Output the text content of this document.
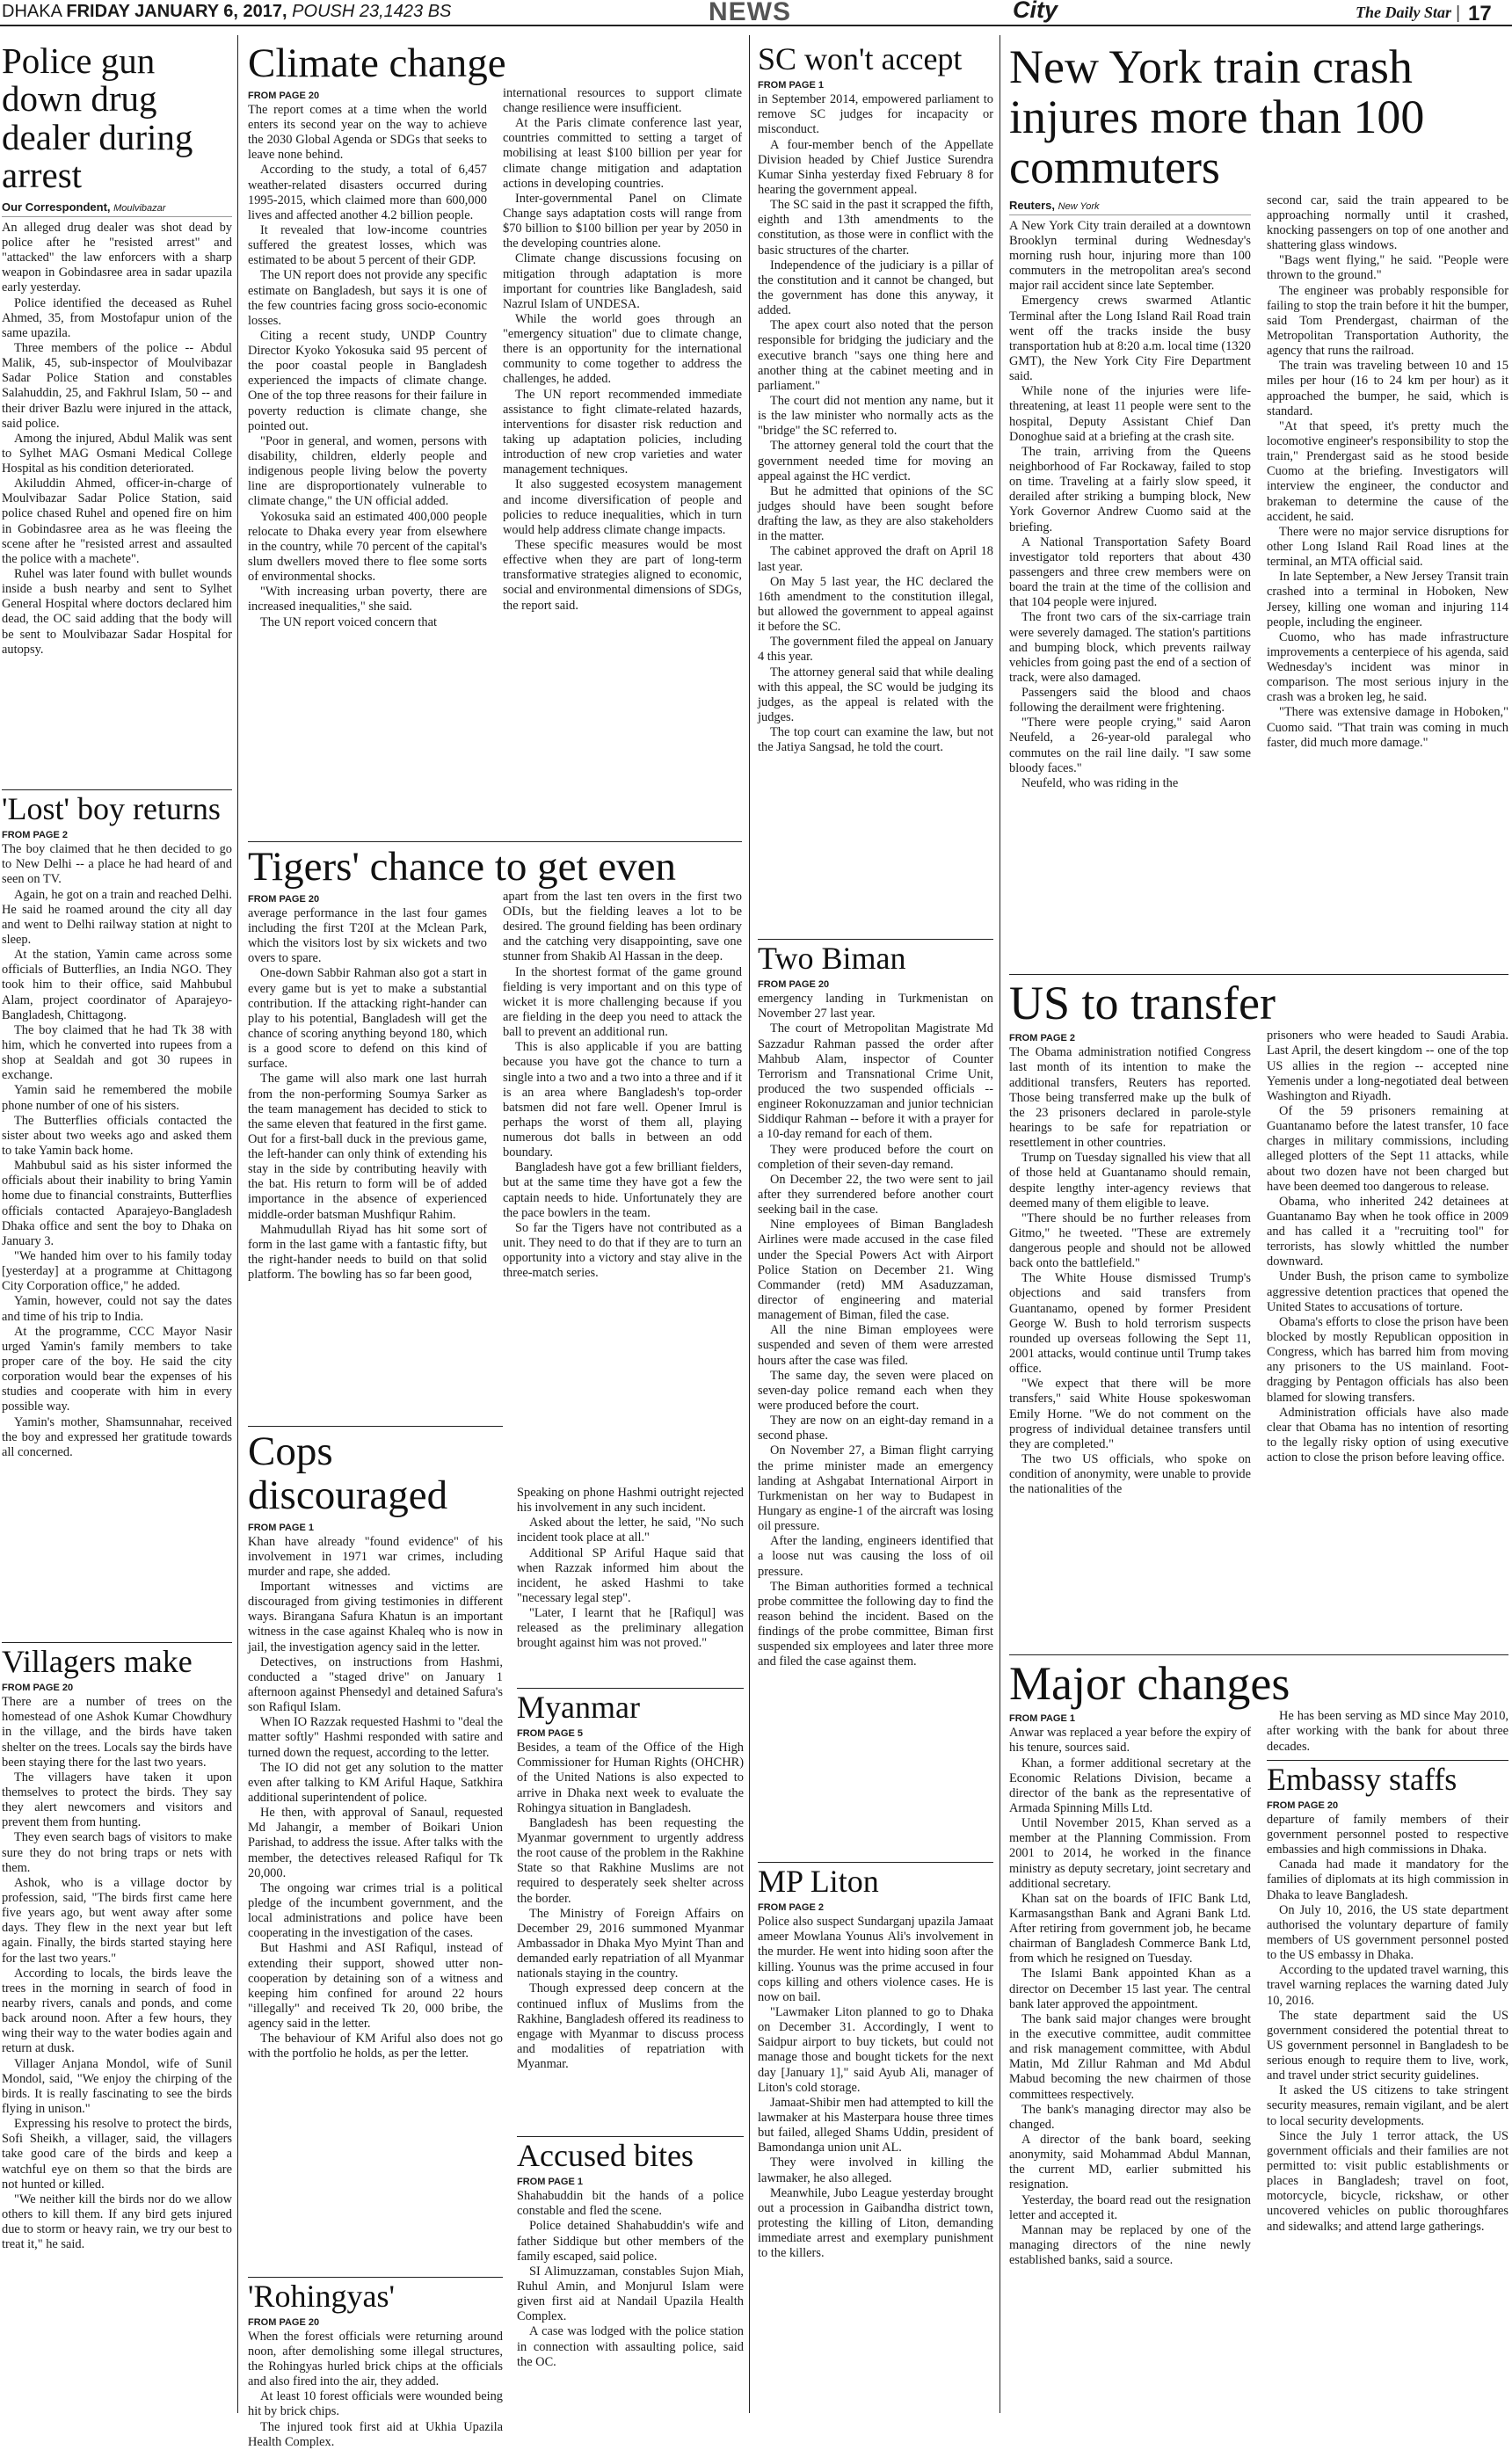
DHAKA FRIDAY JANUARY 6, 2017, POUSH 23,1423 BS	NEWS	City	The Daily Star | 17
Police gun down drug dealer during arrest
Our Correspondent, Moulvibazar

An alleged drug dealer was shot dead by police after he "resisted arrest" and "attacked" the law enforcers with a sharp weapon in Gobindasree area in sadar upazila early yesterday.

Police identified the deceased as Ruhel Ahmed, 35, from Mostofapur union of the same upazila.

Three members of the police -- Abdul Malik, 45, sub-inspector of Moulvibazar Sadar Police Station and constables Salahuddin, 25, and Fakhrul Islam, 50 -- and their driver Bazlu were injured in the attack, said police.

Among the injured, Abdul Malik was sent to Sylhet MAG Osmani Medical College Hospital as his condition deteriorated.

Akiluddin Ahmed, officer-in-charge of Moulvibazar Sadar Police Station, said police chased Ruhel and opened fire on him in Gobindasree area as he was fleeing the scene after he "resisted arrest and assaulted the police with a machete".

Ruhel was later found with bullet wounds inside a bush nearby and sent to Sylhet General Hospital where doctors declared him dead, the OC said adding that the body will be sent to Moulvibazar Sadar Hospital for autopsy.

'Lost' boy returns
FROM PAGE 2

The boy claimed that he then decided to go to New Delhi -- a place he had heard of and seen on TV.

Again, he got on a train and reached Delhi. He said he roamed around the city all day and went to Delhi railway station at night to sleep.

At the station, Yamin came across some officials of Butterflies, an India NGO. They took him to their office, said Mahbubul Alam, project coordinator of Aparajeyo-Bangladesh, Chittagong.

The boy claimed that he had Tk 38 with him, which he converted into rupees from a shop at Sealdah and got 30 rupees in exchange.

Yamin said he remembered the mobile phone number of one of his sisters.

The Butterflies officials contacted the sister about two weeks ago and asked them to take Yamin back home.

Mahbubul said as his sister informed the officials about their inability to bring Yamin home due to financial constraints, Butterflies officials contacted Aparajeyo-Bangladesh Dhaka office and sent the boy to Dhaka on January 3.

"We handed him over to his family today [yesterday] at a programme at Chittagong City Corporation office," he added.

Yamin, however, could not say the dates and time of his trip to India.

At the programme, CCC Mayor Nasir urged Yamin's family members to take proper care of the boy. He said the city corporation would bear the expenses of his studies and cooperate with him in every possible way.

Yamin's mother, Shamsunnahar, received the boy and expressed her gratitude towards all concerned.

Villagers make
FROM PAGE 20

There are a number of trees on the homestead of one Ashok Kumar Chowdhury in the village, and the birds have taken shelter on the trees. Locals say the birds have been staying there for the last two years.

The villagers have taken it upon themselves to protect the birds. They say they alert newcomers and visitors and prevent them from hunting.

They even search bags of visitors to make sure they do not bring traps or nets with them.

Ashok, who is a village doctor by profession, said, "The birds first came here five years ago, but went away after some days. They flew in the next year but left again. Finally, the birds started staying here for the last two years."

According to locals, the birds leave the trees in the morning in search of food in nearby rivers, canals and ponds, and come back around noon. After a few hours, they wing their way to the water bodies again and return at dusk.

Villager Anjana Mondol, wife of Sunil Mondol, said, "We enjoy the chirping of the birds. It is really fascinating to see the birds flying in unison."

Expressing his resolve to protect the birds, Sofi Sheikh, a villager, said, the villagers take good care of the birds and keep a watchful eye on them so that the birds are not hunted or killed.

"We neither kill the birds nor do we allow others to kill them. If any bird gets injured due to storm or heavy rain, we try our best to treat it," he said.

Climate change
FROM PAGE 20

The report comes at a time when the world enters its second year on the way to achieve the 2030 Global Agenda or SDGs that seeks to leave none behind.

According to the study, a total of 6,457 weather-related disasters occurred during 1995-2015, which claimed more than 600,000 lives and affected another 4.2 billion people.

It revealed that low-income countries suffered the greatest losses, which was estimated to be about 5 percent of their GDP.

The UN report does not provide any specific estimate on Bangladesh, but says it is one of the few countries facing gross socio-economic losses.

Citing a recent study, UNDP Country Director Kyoko Yokosuka said 95 percent of the poor coastal people in Bangladesh experienced the impacts of climate change. One of the top three reasons for their failure in poverty reduction is climate change, she pointed out.

"Poor in general, and women, persons with disability, children, elderly people and indigenous people living below the poverty line are disproportionately vulnerable to climate change," the UN official added.

Yokosuka said an estimated 400,000 people relocate to Dhaka every year from elsewhere in the country, while 70 percent of the capital's slum dwellers moved there to flee some sorts of environmental shocks.

"With increasing urban poverty, there are increased inequalities," she said.

The UN report voiced concern that

international resources to support climate change resilience were insufficient.

At the Paris climate conference last year, countries committed to setting a target of mobilising at least $100 billion per year for climate change mitigation and adaptation actions in developing countries.

Inter-governmental Panel on Climate Change says adaptation costs will range from $70 billion to $100 billion per year by 2050 in the developing countries alone.

Climate change discussions focusing on mitigation through adaptation is more important for countries like Bangladesh, said Nazrul Islam of UNDESA.

While the world goes through an "emergency situation" due to climate change, there is an opportunity for the international community to come together to address the challenges, he added.

The UN report recommended immediate assistance to fight climate-related hazards, interventions for disaster risk reduction and taking up adaptation policies, including introduction of new crop varieties and water management techniques.

It also suggested ecosystem management and income diversification of people and policies to reduce inequalities, which in turn would help address climate change impacts.

These specific measures would be most effective when they are part of long-term transformative strategies aligned to economic, social and environmental dimensions of SDGs, the report said.

Tigers' chance to get even
FROM PAGE 20

average performance in the last four games including the first T20I at the Mclean Park, which the visitors lost by six wickets and two overs to spare.

One-down Sabbir Rahman also got a start in every game but is yet to make a substantial contribution. If the attacking right-hander can play to his potential, Bangladesh will get the chance of scoring anything beyond 180, which is a good score to defend on this kind of surface.

The game will also mark one last hurrah from the non-performing Soumya Sarker as the team management has decided to stick to the same eleven that featured in the first game. Out for a first-ball duck in the previous game, the left-hander can only think of extending his stay in the side by contributing heavily with the bat. His return to form will be of added importance in the absence of experienced middle-order batsman Mushfiqur Rahim.

Mahmudullah Riyad has hit some sort of form in the last game with a fantastic fifty, but the right-hander needs to build on that solid platform. The bowling has so far been good,

apart from the last ten overs in the first two ODIs, but the fielding leaves a lot to be desired. The ground fielding has been ordinary and the catching very disappointing, save one stunner from Shakib Al Hassan in the deep.

In the shortest format of the game ground fielding is very important and on this type of wicket it is more challenging because if you are fielding in the deep you need to attack the ball to prevent an additional run.

This is also applicable if you are batting because you have got the chance to turn a single into a two and a two into a three and if it is an area where Bangladesh's top-order batsmen did not fare well. Opener Imrul is perhaps the worst of them all, playing numerous dot balls in between an odd boundary.

Bangladesh have got a few brilliant fielders, but at the same time they have got a few the captain needs to hide. Unfortunately they are the pace bowlers in the team.

So far the Tigers have not contributed as a unit. They need to do that if they are to turn an opportunity into a victory and stay alive in the three-match series.

Cops discouraged
FROM PAGE 1

Khan have already "found evidence" of his involvement in 1971 war crimes, including murder and rape, she added.

Important witnesses and victims are discouraged from giving testimonies in different ways. Birangana Safura Khatun is an important witness in the case against Khaleq who is now in jail, the investigation agency said in the letter.

Detectives, on instructions from Hashmi, conducted a "staged drive" on January 1 afternoon against Phensedyl and detained Safura's son Rafiqul Islam.

When IO Razzak requested Hashmi to "deal the matter softly" Hashmi responded with satire and turned down the request, according to the letter.

The IO did not get any solution to the matter even after talking to KM Ariful Haque, Satkhira additional superintendent of police.

He then, with approval of Sanaul, requested Md Jahangir, a member of Boikari Union Parishad, to address the issue. After talks with the member, the detectives released Rafiqul for Tk 20,000.

The ongoing war crimes trial is a political pledge of the incumbent government, and the local administrations and police have been cooperating in the investigation of the cases.

But Hashmi and ASI Rafiqul, instead of extending their support, showed utter non-cooperation by detaining son of a witness and keeping him confined for around 22 hours "illegally" and received Tk 20, 000 bribe, the agency said in the letter.

The behaviour of KM Ariful also does not go with the portfolio he holds, as per the letter.

'Rohingyas'
FROM PAGE 20

When the forest officials were returning around noon, after demolishing some illegal structures, the Rohingyas hurled brick chips at the officials and also fired into the air, they added.

At least 10 forest officials were wounded being hit by brick chips.

The injured took first aid at Ukhia Upazila Health Complex.

Speaking on phone Hashmi outright rejected his involvement in any such incident.

Asked about the letter, he said, "No such incident took place at all."

Additional SP Ariful Haque said that when Razzak informed him about the incident, he asked Hashmi to take "necessary legal step".

"Later, I learnt that he [Rafiqul] was released as the preliminary allegation brought against him was not proved."

Myanmar
FROM PAGE 5

Besides, a team of the Office of the High Commissioner for Human Rights (OHCHR) of the United Nations is also expected to arrive in Dhaka next week to evaluate the Rohingya situation in Bangladesh.

Bangladesh has been requesting the Myanmar government to urgently address the root cause of the problem in the Rakhine State so that Rakhine Muslims are not required to desperately seek shelter across the border.

The Ministry of Foreign Affairs on December 29, 2016 summoned Myanmar Ambassador in Dhaka Myo Myint Than and demanded early repatriation of all Myanmar nationals staying in the country.

Though expressed deep concern at the continued influx of Muslims from the Rakhine, Bangladesh offered its readiness to engage with Myanmar to discuss process and modalities of repatriation with Myanmar.

Accused bites
FROM PAGE 1

Shahabuddin bit the hands of a police constable and fled the scene.

Police detained Shahabuddin's wife and father Siddique but other members of the family escaped, said police.

SI Alimuzzaman, constables Sujon Miah, Ruhul Amin, and Monjurul Islam were given first aid at Nandail Upazila Health Complex.

A case was lodged with the police station in connection with assaulting police, said the OC.

SC won't accept
FROM PAGE 1

in September 2014, empowered parliament to remove SC judges for incapacity or misconduct.

A four-member bench of the Appellate Division headed by Chief Justice Surendra Kumar Sinha yesterday fixed February 8 for hearing the government appeal.

The SC said in the past it scrapped the fifth, eighth and 13th amendments to the constitution, as those were in conflict with the basic structures of the charter.

Independence of the judiciary is a pillar of the constitution and it cannot be changed, but the government has done this anyway, it added.

The apex court also noted that the person responsible for bridging the judiciary and the executive branch "says one thing here and another thing at the cabinet meeting and in parliament."

The court did not mention any name, but it is the law minister who normally acts as the "bridge" the SC referred to.

The attorney general told the court that the government needed time for moving an appeal against the HC verdict.

But he admitted that opinions of the SC judges should have been sought before drafting the law, as they are also stakeholders in the matter.

The cabinet approved the draft on April 18 last year.

On May 5 last year, the HC declared the 16th amendment to the constitution illegal, but allowed the government to appeal against it before the SC.

The government filed the appeal on January 4 this year.

The attorney general said that while dealing with this appeal, the SC would be judging its judges, as the appeal is related with the judges.

The top court can examine the law, but not the Jatiya Sangsad, he told the court.

Two Biman
FROM PAGE 20

emergency landing in Turkmenistan on November 27 last year.

The court of Metropolitan Magistrate Md Sazzadur Rahman passed the order after Mahbub Alam, inspector of Counter Terrorism and Transnational Crime Unit, produced the two suspended officials -- engineer Rokonuzzaman and junior technician Siddiqur Rahman -- before it with a prayer for a 10-day remand for each of them.

They were produced before the court on completion of their seven-day remand.

On December 22, the two were sent to jail after they surrendered before another court seeking bail in the case.

Nine employees of Biman Bangladesh Airlines were made accused in the case filed under the Special Powers Act with Airport Police Station on December 21. Wing Commander (retd) MM Asaduzzaman, director of engineering and material management of Biman, filed the case.

All the nine Biman employees were suspended and seven of them were arrested hours after the case was filed.

The same day, the seven were placed on seven-day police remand each when they were produced before the court.

They are now on an eight-day remand in a second phase.

On November 27, a Biman flight carrying the prime minister made an emergency landing at Ashgabat International Airport in Turkmenistan on her way to Budapest in Hungary as engine-1 of the aircraft was losing oil pressure.

After the landing, engineers identified that a loose nut was causing the loss of oil pressure.

The Biman authorities formed a technical probe committee the following day to find the reason behind the incident. Based on the findings of the probe committee, Biman first suspended six employees and later three more and filed the case against them.

MP Liton
FROM PAGE 2

Police also suspect Sundarganj upazila Jamaat ameer Mowlana Younus Ali's involvement in the murder. He went into hiding soon after the killing. Younus was the prime accused in four cops killing and others violence cases. He is now on bail.

"Lawmaker Liton planned to go to Dhaka on December 31. Accordingly, I went to Saidpur airport to buy tickets, but could not manage those and bought tickets for the next day [January 1]," said Ayub Ali, manager of Liton's cold storage.

Jamaat-Shibir men had attempted to kill the lawmaker at his Masterpara house three times but failed, alleged Shams Uddin, president of Bamondanga union unit AL.

They were involved in killing the lawmaker, he also alleged.

Meanwhile, Jubo League yesterday brought out a procession in Gaibandha district town, protesting the killing of Liton, demanding immediate arrest and exemplary punishment to the killers.

New York train crash injures more than 100 commuters
Reuters, New York

A New York City train derailed at a downtown Brooklyn terminal during Wednesday's morning rush hour, injuring more than 100 commuters in the metropolitan area's second major rail accident since late September.

Emergency crews swarmed Atlantic Terminal after the Long Island Rail Road train went off the tracks inside the busy transportation hub at 8:20 a.m. local time (1320 GMT), the New York City Fire Department said.

While none of the injuries were life-threatening, at least 11 people were sent to the hospital, Deputy Assistant Chief Dan Donoghue said at a briefing at the crash site.

The train, arriving from the Queens neighborhood of Far Rockaway, failed to stop on time. Traveling at a fairly slow speed, it derailed after striking a bumping block, New York Governor Andrew Cuomo said at the briefing.

A National Transportation Safety Board investigator told reporters that about 430 passengers and three crew members were on board the train at the time of the collision and that 104 people were injured.

The front two cars of the six-carriage train were severely damaged. The station's partitions and bumping block, which prevents railway vehicles from going past the end of a section of track, were also damaged.

Passengers said the blood and chaos following the derailment were frightening.

"There were people crying," said Aaron Neufeld, a 26-year-old paralegal who commutes on the rail line daily. "I saw some bloody faces."

Neufeld, who was riding in the

second car, said the train appeared to be approaching normally until it crashed, knocking passengers on top of one another and shattering glass windows.

"Bags went flying," he said. "People were thrown to the ground."

The engineer was probably responsible for failing to stop the train before it hit the bumper, said Tom Prendergast, chairman of the Metropolitan Transportation Authority, the agency that runs the railroad.

The train was traveling between 10 and 15 miles per hour (16 to 24 km per hour) as it approached the bumper, he said, which is standard.

"At that speed, it's pretty much the locomotive engineer's responsibility to stop the train," Prendergast said as he stood beside Cuomo at the briefing. Investigators will interview the engineer, the conductor and brakeman to determine the cause of the accident, he said.

There were no major service disruptions for other Long Island Rail Road lines at the terminal, an MTA official said.

In late September, a New Jersey Transit train crashed into a terminal in Hoboken, New Jersey, killing one woman and injuring 114 people, including the engineer.

Cuomo, who has made infrastructure improvements a centerpiece of his agenda, said Wednesday's incident was minor in comparison. The most serious injury in the crash was a broken leg, he said.

"There was extensive damage in Hoboken," Cuomo said. "That train was coming in much faster, did much more damage."

US to transfer
FROM PAGE 2

The Obama administration notified Congress last month of its intention to make the additional transfers, Reuters has reported. Those being transferred make up the bulk of the 23 prisoners declared in parole-style hearings to be safe for repatriation or resettlement in other countries.

Trump on Tuesday signalled his view that all of those held at Guantanamo should remain, despite lengthy inter-agency reviews that deemed many of them eligible to leave.

"There should be no further releases from Gitmo," he tweeted. "These are extremely dangerous people and should not be allowed back onto the battlefield."

The White House dismissed Trump's objections and said transfers from Guantanamo, opened by former President George W. Bush to hold terrorism suspects rounded up overseas following the Sept 11, 2001 attacks, would continue until Trump takes office.

"We expect that there will be more transfers," said White House spokeswoman Emily Horne. "We do not comment on the progress of individual detainee transfers until they are completed."

The two US officials, who spoke on condition of anonymity, were unable to provide the nationalities of the

prisoners who were headed to Saudi Arabia. Last April, the desert kingdom -- one of the top US allies in the region -- accepted nine Yemenis under a long-negotiated deal between Washington and Riyadh.

Of the 59 prisoners remaining at Guantanamo before the latest transfer, 10 face charges in military commissions, including alleged plotters of the Sept 11 attacks, while about two dozen have not been charged but have been deemed too dangerous to release.

Obama, who inherited 242 detainees at Guantanamo Bay when he took office in 2009 and has called it a "recruiting tool" for terrorists, has slowly whittled the number downward.

Under Bush, the prison came to symbolize aggressive detention practices that opened the United States to accusations of torture.

Obama's efforts to close the prison have been blocked by mostly Republican opposition in Congress, which has barred him from moving any prisoners to the US mainland. Foot-dragging by Pentagon officials has also been blamed for slowing transfers.

Administration officials have also made clear that Obama has no intention of resorting to the legally risky option of using executive action to close the prison before leaving office.

Major changes
FROM PAGE 1

Anwar was replaced a year before the expiry of his tenure, sources said.

Khan, a former additional secretary at the Economic Relations Division, became a director of the bank as the representative of Armada Spinning Mills Ltd.

Until November 2015, Khan served as a member at the Planning Commission. From 2001 to 2014, he worked in the finance ministry as deputy secretary, joint secretary and additional secretary.

Khan sat on the boards of IFIC Bank Ltd, Karmasangsthan Bank and Agrani Bank Ltd. After retiring from government job, he became chairman of Bangladesh Commerce Bank Ltd, from which he resigned on Tuesday.

The Islami Bank appointed Khan as a director on December 15 last year. The central bank later approved the appointment.

The bank said major changes were brought in the executive committee, audit committee and risk management committee, with Abdul Matin, Md Zillur Rahman and Md Abdul Mabud becoming the new chairmen of those committees respectively.

The bank's managing director may also be changed.

A director of the bank board, seeking anonymity, said Mohammad Abdul Mannan, the current MD, earlier submitted his resignation.

Yesterday, the board read out the resignation letter and accepted it.

Mannan may be replaced by one of the managing directors of the nine newly established banks, said a source.

He has been serving as MD since May 2010, after working with the bank for about three decades.

Embassy staffs
FROM PAGE 20

departure of family members of their government personnel posted to respective embassies and high commissions in Dhaka.

Canada had made it mandatory for the families of diplomats at its high commission in Dhaka to leave Bangladesh.

On July 10, 2016, the US state department authorised the voluntary departure of family members of US government personnel posted to the US embassy in Dhaka.

According to the updated travel warning, this travel warning replaces the warning dated July 10, 2016.

The state department said the US government considered the potential threat to US government personnel in Bangladesh to be serious enough to require them to live, work, and travel under strict security guidelines.

It asked the US citizens to take stringent security measures, remain vigilant, and be alert to local security developments.

Since the July 1 terror attack, the US government officials and their families are not permitted to: visit public establishments or places in Bangladesh; travel on foot, motorcycle, bicycle, rickshaw, or other uncovered vehicles on public thoroughfares and sidewalks; and attend large gatherings.
